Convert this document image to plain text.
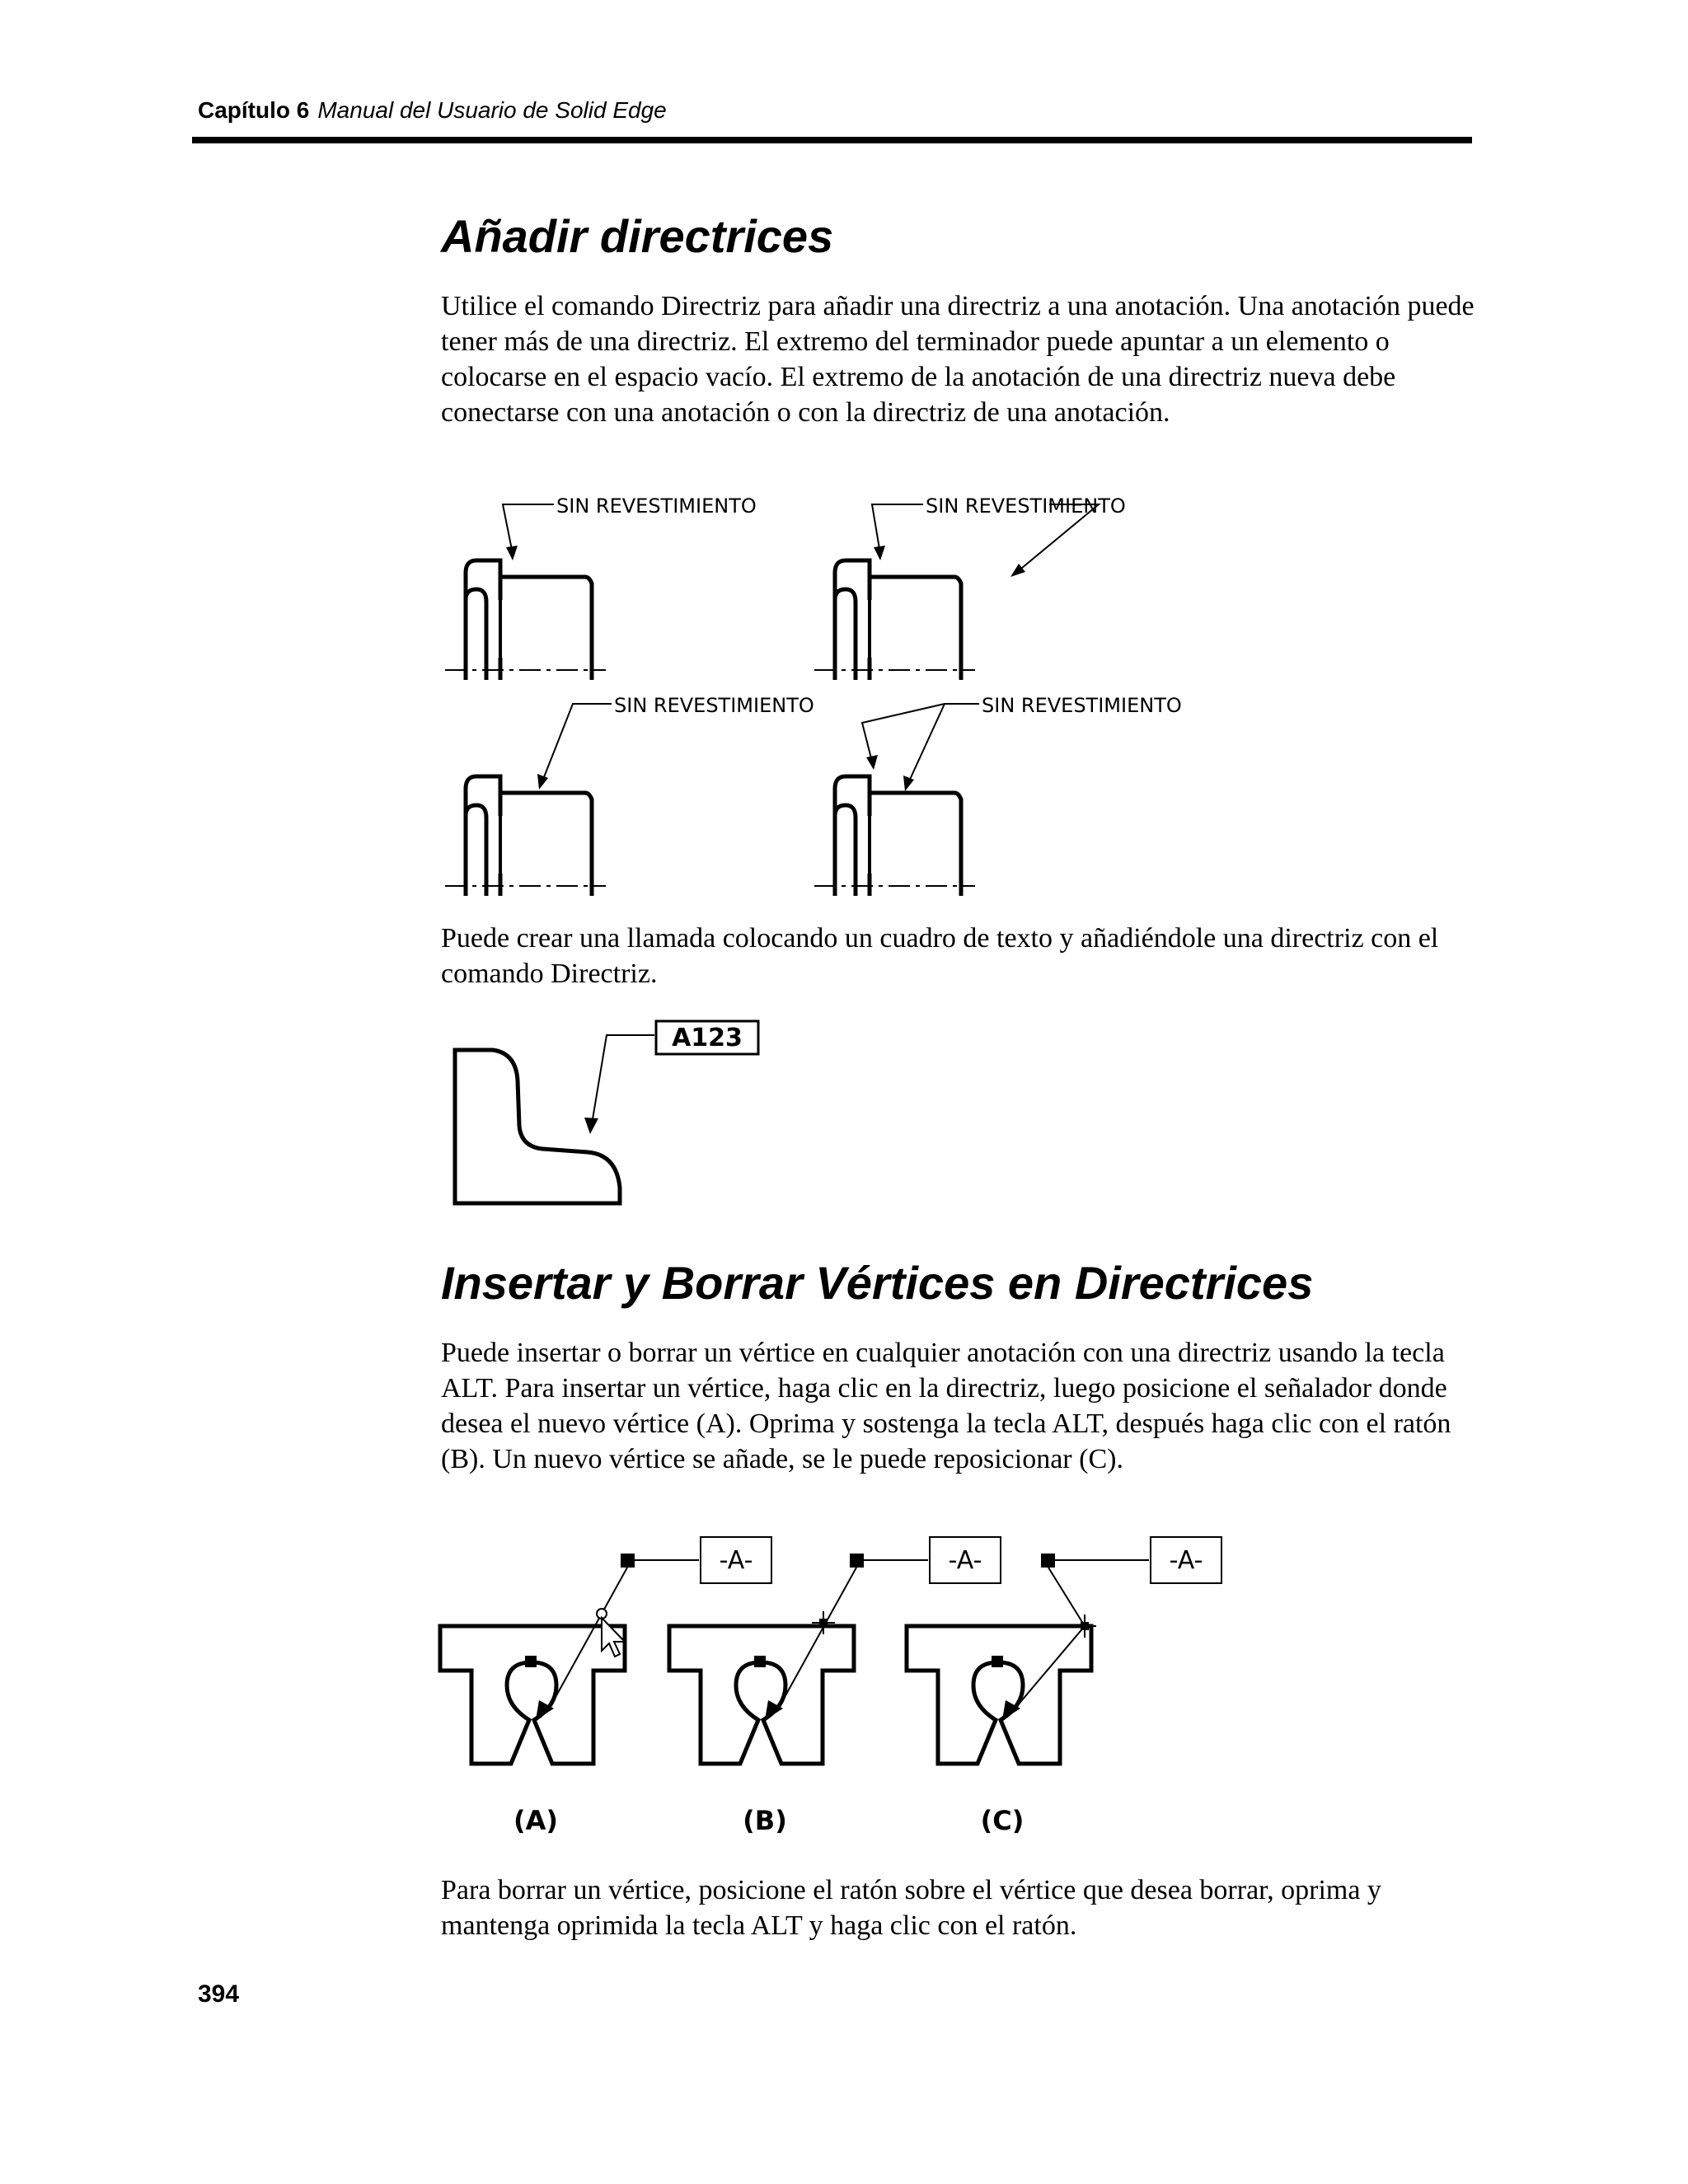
Capítulo 6 Manual del Usuario de Solid Edge
Añadir directrices

Utilice el comando Directriz para añadir una directriz a una anotación. Una anotación puede tener más de una directriz. El extremo del terminador puede apuntar a un elemento o colocarse en el espacio vacío. El extremo de la anotación de una directriz nueva debe conectarse con una anotación o con la directriz de una anotación.

SIN REVESTIMIENTO	SIN REVESTIMIENTO
SIN REVESTIMIENTO	SIN REVESTIMIENTO

Puede crear una llamada colocando un cuadro de texto y añadiéndole una directriz con el comando Directriz.

A123
Insertar y Borrar Vértices en Directrices

Puede insertar o borrar un vértice en cualquier anotación con una directriz usando la tecla ALT. Para insertar un vértice, haga clic en la directriz, luego posicione el señalador donde desea el nuevo vértice (A). Oprima y sostenga la tecla ALT, después haga clic con el ratón (B). Un nuevo vértice se añade, se le puede reposicionar (C).

-A-
(A)
-A-
(B)
-A-
(C)

Para borrar un vértice, posicione el ratón sobre el vértice que desea borrar, oprima y mantenga oprimida la tecla ALT y haga clic con el ratón.

394
